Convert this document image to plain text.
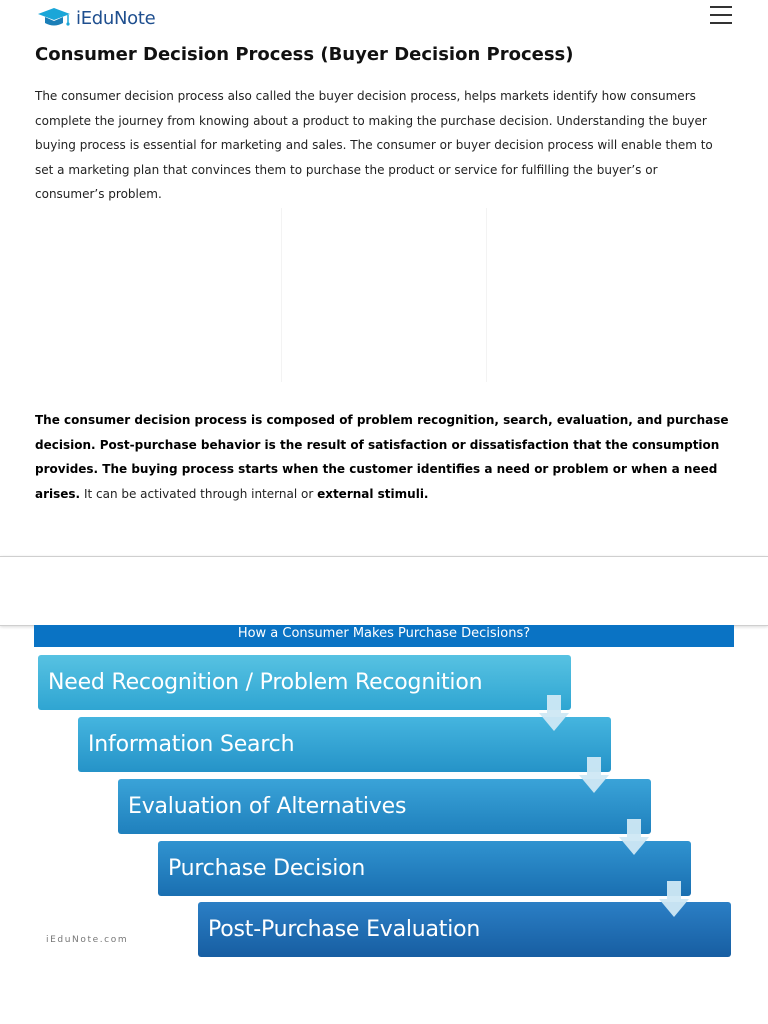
iEduNote
Consumer Decision Process (Buyer Decision Process)

The consumer decision process also called the buyer decision process, helps markets identify how consumers complete the journey from knowing about a product to making the purchase decision. Understanding the buyer buying process is essential for marketing and sales. The consumer or buyer decision process will enable them to set a marketing plan that convinces them to purchase the product or service for fulfilling the buyer’s or consumer’s problem.

The consumer decision process is composed of problem recognition, search, evaluation, and purchase decision. Post-purchase behavior is the result of satisfaction or dissatisfaction that the consumption provides. The buying process starts when the customer identifies a need or problem or when a need arises. It can be activated through internal or external stimuli.

How a Consumer Makes Purchase Decisions?
Need Recognition / Problem Recognition
Information Search
Evaluation of Alternatives
Purchase Decision
Post-Purchase Evaluation
iEduNote.com
